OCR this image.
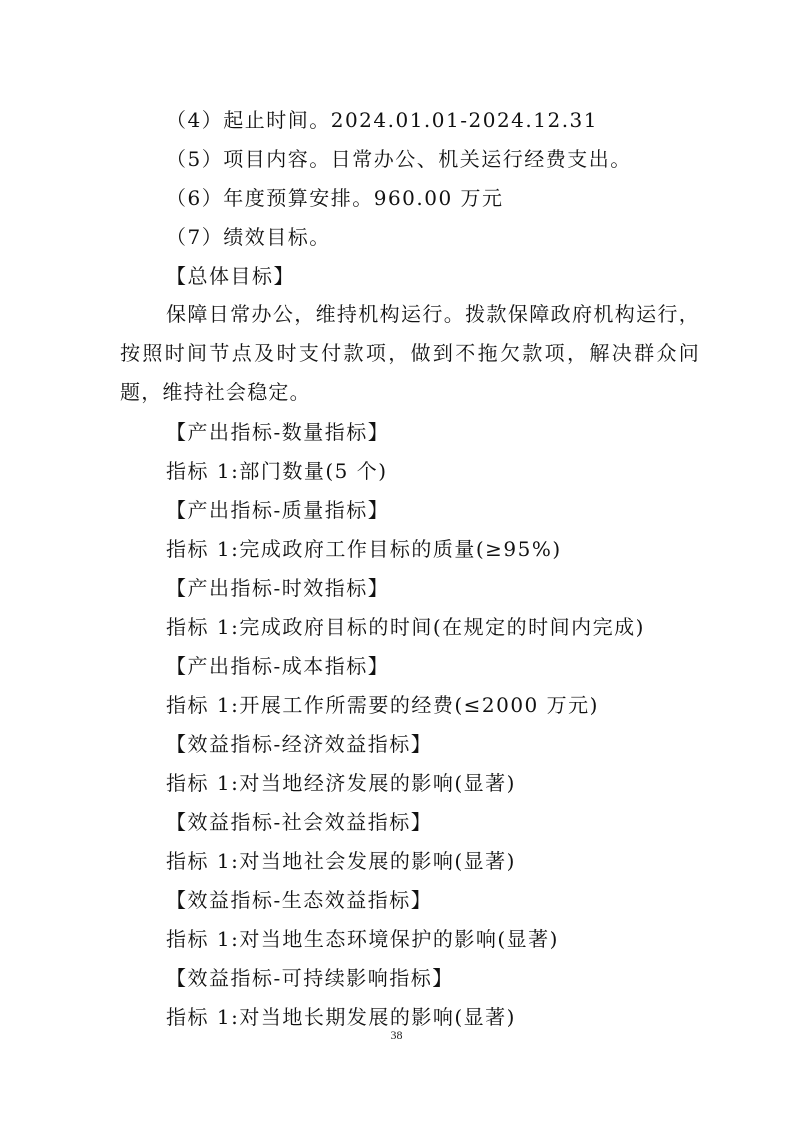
（4）起止时间。2024.01.01-2024.12.31
（5）项目内容。日常办公、机关运行经费支出。
（6）年度预算安排。960.00 万元
（7）绩效目标。
【总体目标】
保障日常办公，维持机构运行。拨款保障政府机构运行，按照时间节点及时支付款项，做到不拖欠款项，解决群众问题，维持社会稳定。
【产出指标-数量指标】
指标 1:部门数量(5 个)
【产出指标-质量指标】
指标 1:完成政府工作目标的质量(≥95%)
【产出指标-时效指标】
指标 1:完成政府目标的时间(在规定的时间内完成)
【产出指标-成本指标】
指标 1:开展工作所需要的经费(≤2000 万元)
【效益指标-经济效益指标】
指标 1:对当地经济发展的影响(显著)
【效益指标-社会效益指标】
指标 1:对当地社会发展的影响(显著)
【效益指标-生态效益指标】
指标 1:对当地生态环境保护的影响(显著)
【效益指标-可持续影响指标】
指标 1:对当地长期发展的影响(显著)
38
